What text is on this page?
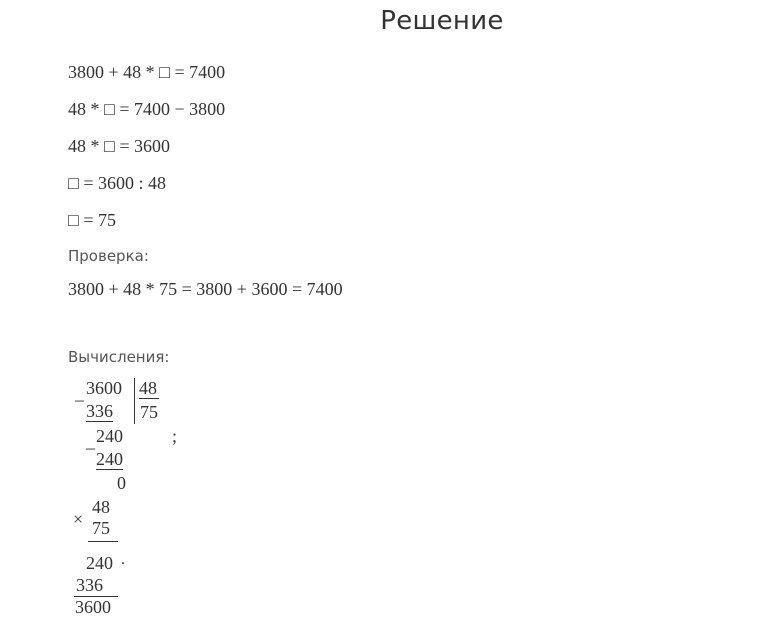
Решение
3800 + 48 * □ = 7400
48 * □ = 7400 − 3800
48 * □ = 3600
□ = 3600 : 48
□ = 75
Проверка:
3800 + 48 * 75 = 3800 + 3600 = 7400
Вычисления:
_ 3600 48
336 75
_ 240	;
240
0
×
48
75
240 .
336
3600
